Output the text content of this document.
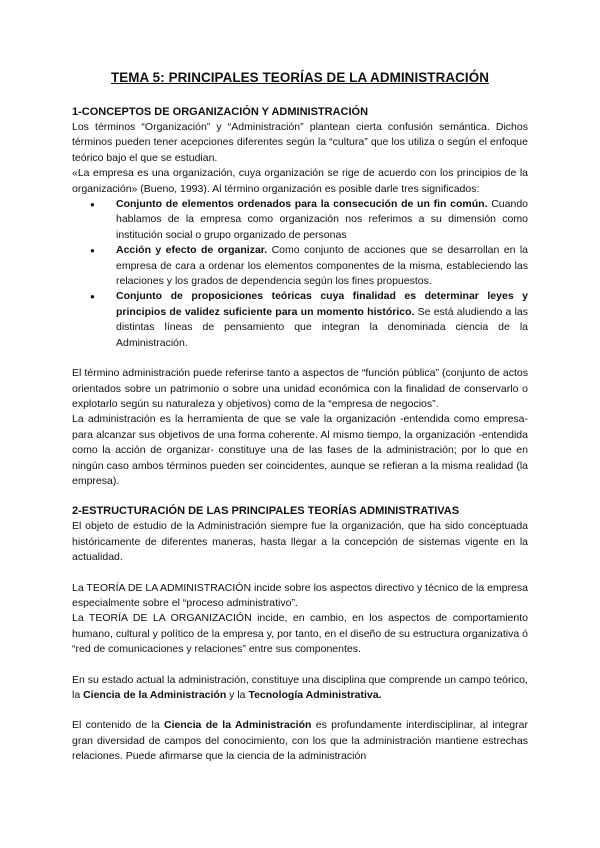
TEMA 5: PRINCIPALES TEORÍAS DE LA ADMINISTRACIÓN
1-CONCEPTOS DE ORGANIZACIÓN Y ADMINISTRACIÓN

Los términos “Organización” y “Administración” plantean cierta confusión semántica. Dichos términos pueden tener acepciones diferentes según la “cultura” que los utiliza o según el enfoque teórico bajo el que se estudian.

«La empresa es una organización, cuya organización se rige de acuerdo con los principios de la organización» (Bueno, 1993). Al término organización es posible darle tres significados:

● Conjunto de elementos ordenados para la consecución de un fin común. Cuando hablamos de la empresa como organización nos referimos a su dimensión como institución social o grupo organizado de personas
● Acción y efecto de organizar. Como conjunto de acciones que se desarrollan en la empresa de cara a ordenar los elementos componentes de la misma, estableciendo las relaciones y los grados de dependencia según los fines propuestos.
● Conjunto de proposiciones teóricas cuya finalidad es determinar leyes y principios de validez suficiente para un momento histórico. Se está aludiendo a las distintas líneas de pensamiento que integran la denominada ciencia de la Administración.

El término administración puede referirse tanto a aspectos de “función pública” (conjunto de actos orientados sobre un patrimonio o sobre una unidad económica con la finalidad de conservarlo o explotarlo según su naturaleza y objetivos) como de la “empresa de negocios”.

La administración es la herramienta de que se vale la organización -entendida como empresa- para alcanzar sus objetivos de una forma coherente. Al mismo tiempo, la organización -entendida como la acción de organizar- constituye una de las fases de la administración; por lo que en ningún caso ambos términos pueden ser coincidentes, aunque se refieran a la misma realidad (la empresa).

2-ESTRUCTURACIÓN DE LAS PRINCIPALES TEORÍAS ADMINISTRATIVAS

El objeto de estudio de la Administración siempre fue la organización, que ha sido conceptuada históricamente de diferentes maneras, hasta llegar a la concepción de sistemas vigente en la actualidad.

La TEORÍA DE LA ADMINISTRACIÓN incide sobre los aspectos directivo y técnico de la empresa especialmente sobre el “proceso administrativo”.

La TEORÍA DE LA ORGANIZACIÓN incide, en cambio, en los aspectos de comportamiento humano, cultural y político de la empresa y, por tanto, en el diseño de su estructura organizativa ó “red de comunicaciones y relaciones” entre sus componentes.

En su estado actual la administración, constituye una disciplina que comprende un campo teórico, la Ciencia de la Administración y la Tecnología Administrativa.

El contenido de la Ciencia de la Administración es profundamente interdisciplinar, al integrar gran diversidad de campos del conocimiento, con los que la administración mantiene estrechas relaciones. Puede afirmarse que la ciencia de la administración
